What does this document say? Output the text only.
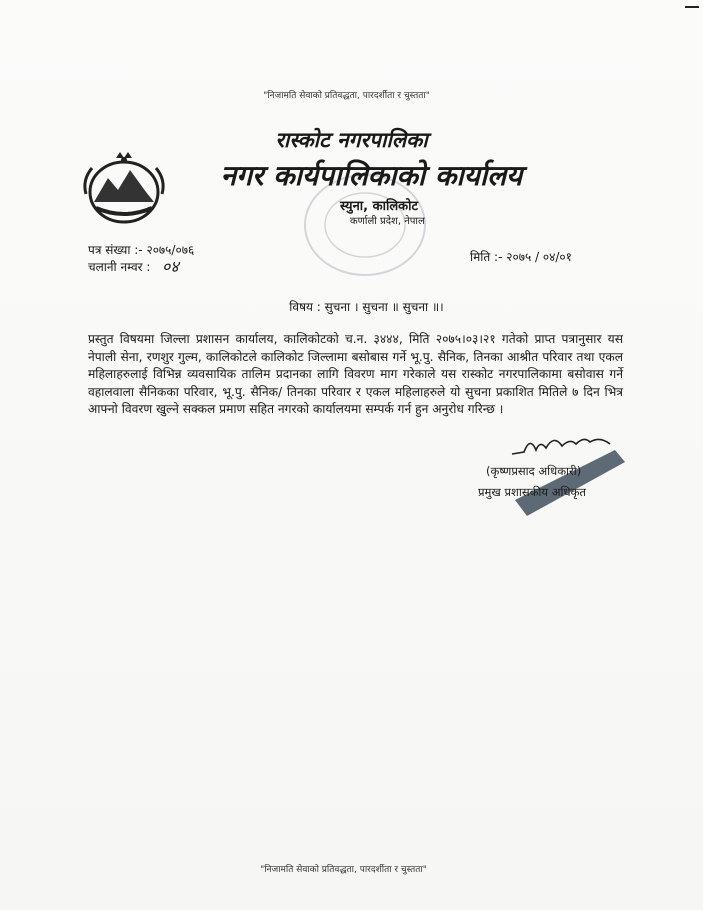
"निजामति सेवाको प्रतिवद्धता, पारदर्शीता र चुस्तता"
रास्कोट नगरपालिका
नगर कार्यपालिकाको कार्यालय
स्युना, कालिकोट
कर्णाली प्रदेश, नेपाल
पत्र संख्या :- २०७५/०७६
चलानी नम्वर : ०४	मिति :- २०७५ / ०४/०१
विषय : सुचना । सुचना ॥ सुचना ॥।
प्रस्तुत विषयमा जिल्ला प्रशासन कार्यालय, कालिकोटको च.न. ३४४४, मिति २०७५।०३।२१ गतेको प्राप्त पत्रानुसार यस नेपाली सेना, रणशुर गुल्म, कालिकोटले कालिकोट जिल्लामा बसोबास गर्ने भू.पु. सैनिक, तिनका आश्रीत परिवार तथा एकल महिलाहरुलाई विभिन्न व्यवसायिक तालिम प्रदानका लागि विवरण माग गरेकाले यस रास्कोट नगरपालिकामा बसोवास गर्ने वहालवाला सैनिकका परिवार, भू.पु. सैनिक/ तिनका परिवार र एकल महिलाहरुले यो सुचना प्रकाशित मितिले ७ दिन भित्र आफ्नो विवरण खुल्ने सक्कल प्रमाण सहित नगरको कार्यालयमा सम्पर्क गर्न हुन अनुरोध गरिन्छ ।
(कृष्णप्रसाद अधिकारी)
प्रमुख प्रशासकीय अधिकृत
"निजामति सेवाको प्रतिवद्धता, पारदर्शीता र चुस्तता"
